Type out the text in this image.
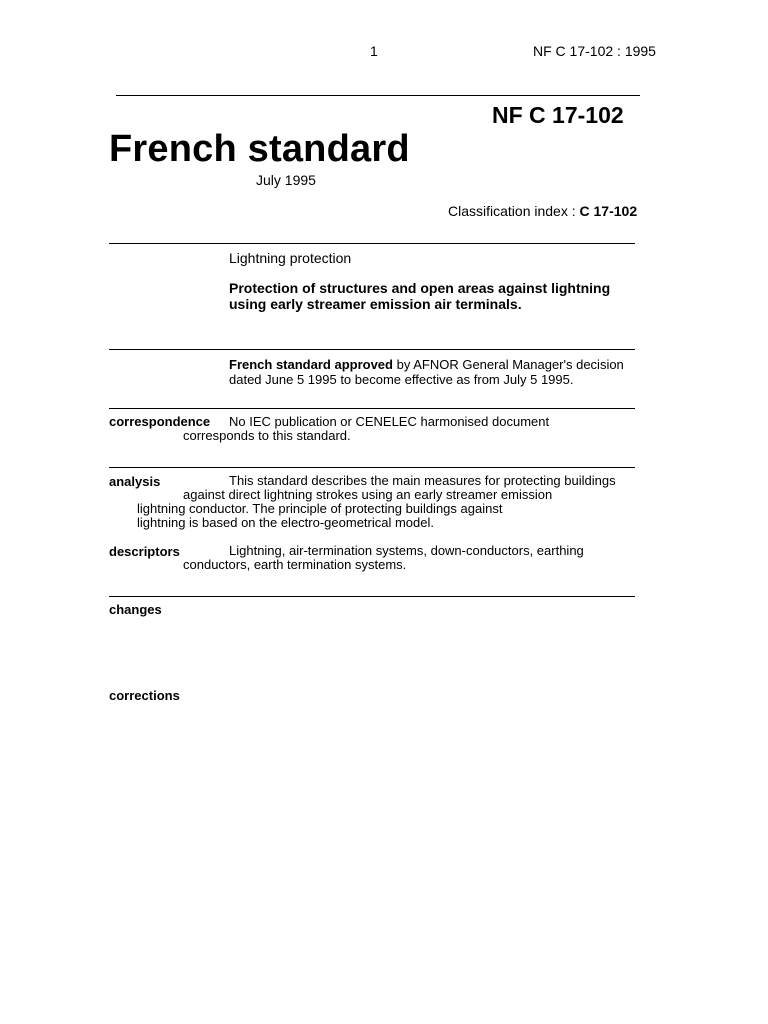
1	NF C 17-102 : 1995
NF C 17-102
French standard
July 1995
Classification index : C 17-102
Lightning protection
Protection of structures and open areas against lightning
using early streamer emission air terminals.
French standard approved by AFNOR General Manager's decision
dated June 5 1995 to become effective as from July 5 1995.
correspondence No IEC publication or CENELEC harmonised document
corresponds to this standard.
analysis	This standard describes the main measures for protecting buildings
against direct lightning strokes using an early streamer emission
lightning conductor. The principle of protecting buildings against
lightning is based on the electro-geometrical model.
descriptors	Lightning, air-termination systems, down-conductors, earthing
conductors, earth termination systems.
changes
corrections
